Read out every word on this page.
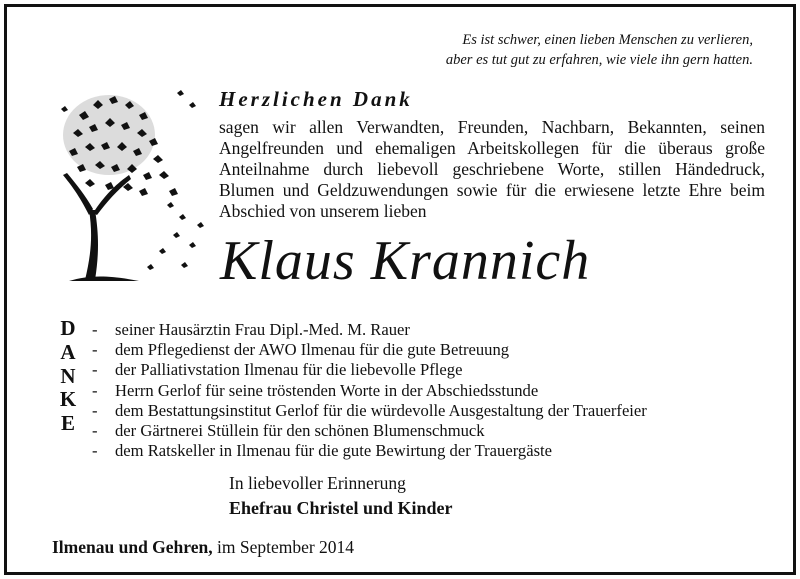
Es ist schwer, einen lieben Menschen zu verlieren,
aber es tut gut zu erfahren, wie viele ihn gern hatten.
Herzlichen Dank
sagen wir allen Verwandten, Freunden, Nachbarn, Bekannten, seinen Angelfreunden und ehemaligen Arbeitskollegen für die überaus große Anteilnahme durch liebevoll geschriebene Worte, stillen Händedruck, Blumen und Geldzuwendungen sowie für die erwiesene letzte Ehre beim Abschied von unserem lieben
Klaus Krannich
D
A
N
K
E
- seiner Hausärztin Frau Dipl.-Med. M. Rauer
- dem Pflegedienst der AWO Ilmenau für die gute Betreuung
- der Palliativstation Ilmenau für die liebevolle Pflege
- Herrn Gerlof für seine tröstenden Worte in der Abschiedsstunde
- dem Bestattungsinstitut Gerlof für die würdevolle Ausgestaltung der Trauerfeier
- der Gärtnerei Stüllein für den schönen Blumenschmuck
- dem Ratskeller in Ilmenau für die gute Bewirtung der Trauergäste
In liebevoller Erinnerung
Ehefrau Christel und Kinder
Ilmenau und Gehren, im September 2014
